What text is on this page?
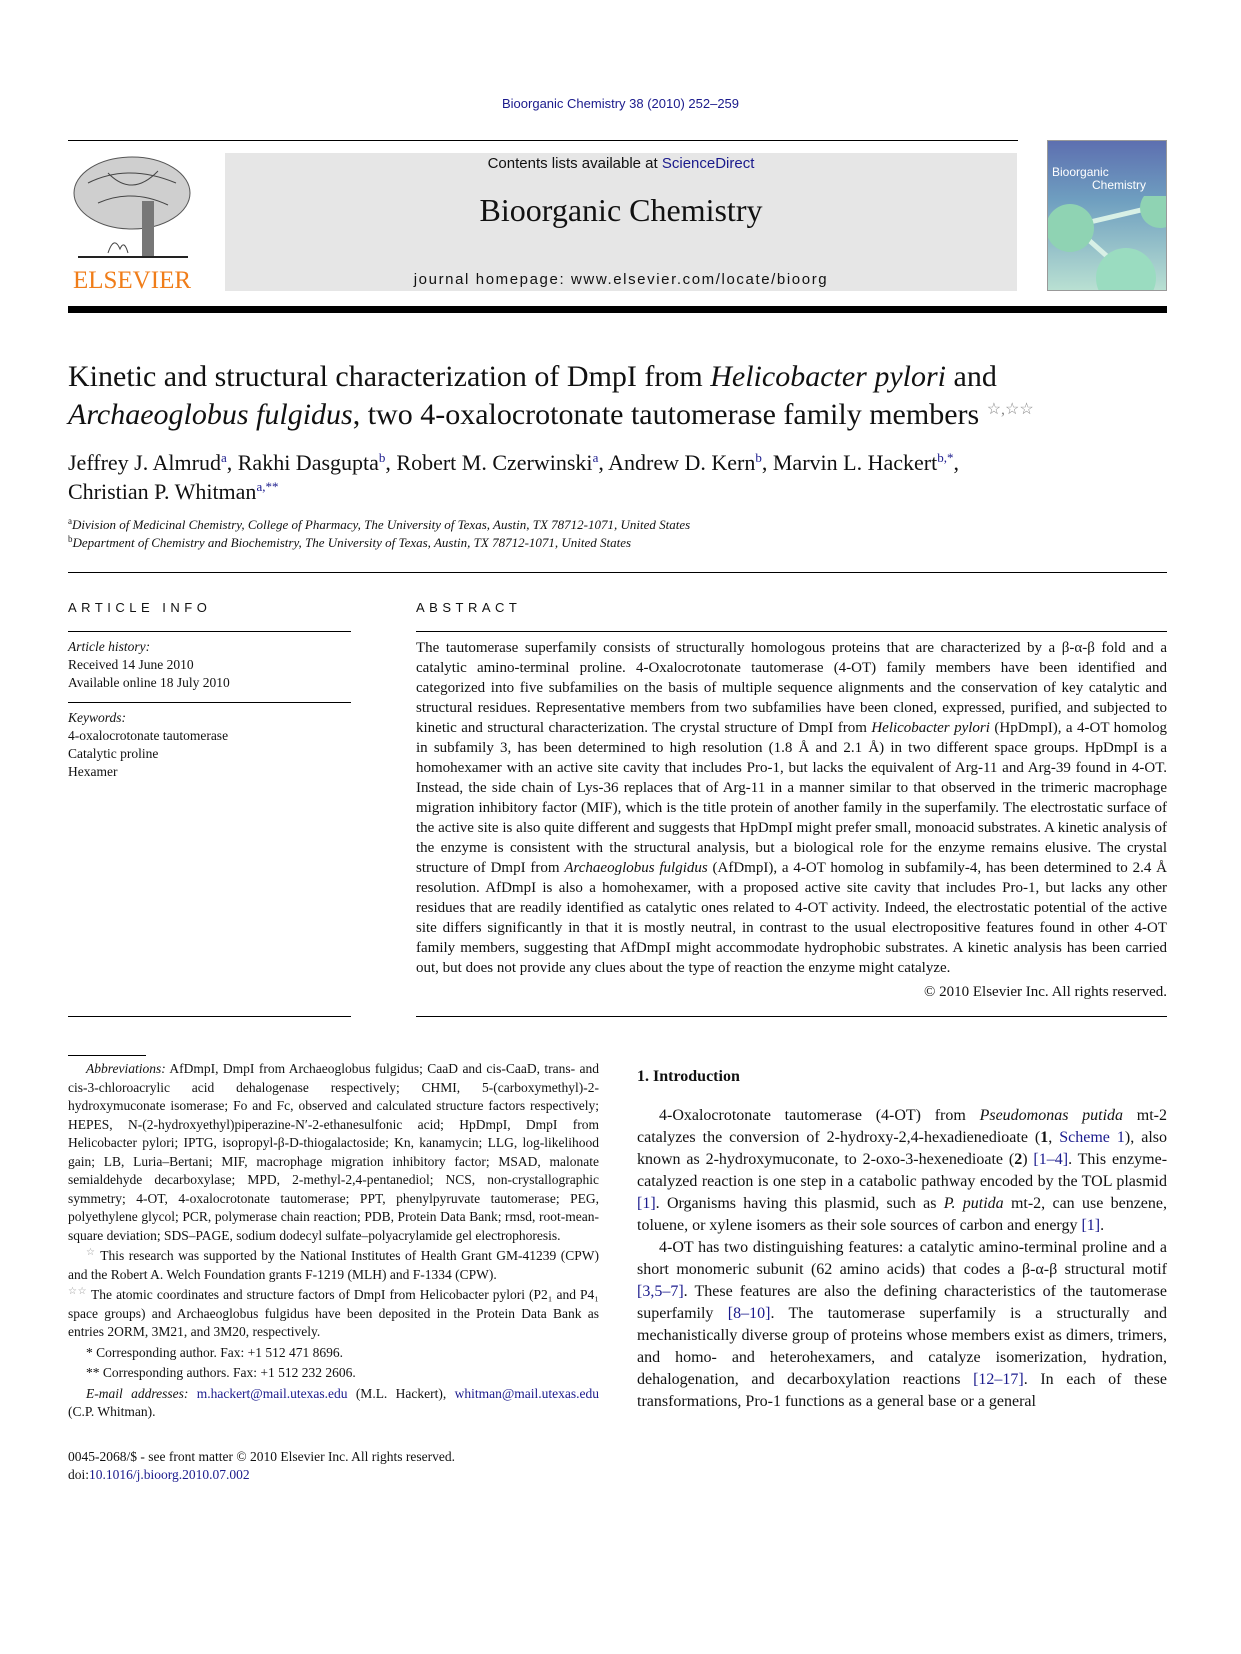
Bioorganic Chemistry 38 (2010) 252–259
ELSEVIER
Contents lists available at ScienceDirect
Bioorganic Chemistry
journal homepage: www.elsevier.com/locate/bioorg
Bioorganic
Chemistry
Kinetic and structural characterization of DmpI from Helicobacter pylori and
Archaeoglobus fulgidus, two 4-oxalocrotonate tautomerase family members ☆,☆☆
Jeffrey J. Almrud$^a$, Rakhi Dasgupta$^b$, Robert M. Czerwinski$^a$, Andrew D. Kern$^b$, Marvin L. Hackert$^{b,*}$,
Christian P. Whitman$^{a,**}$
$^a$Division of Medicinal Chemistry, College of Pharmacy, The University of Texas, Austin, TX 78712-1071, United States
$^b$Department of Chemistry and Biochemistry, The University of Texas, Austin, TX 78712-1071, United States
ARTICLE INFO
Article history:
Received 14 June 2010
Available online 18 July 2010
Keywords:
4-oxalocrotonate tautomerase
Catalytic proline
Hexamer
ABSTRACT
The tautomerase superfamily consists of structurally homologous proteins that are characterized by a β-α-β fold and a catalytic amino-terminal proline. 4-Oxalocrotonate tautomerase (4-OT) family members have been identified and categorized into five subfamilies on the basis of multiple sequence alignments and the conservation of key catalytic and structural residues. Representative members from two subfamilies have been cloned, expressed, purified, and subjected to kinetic and structural characterization. The crystal structure of DmpI from Helicobacter pylori (HpDmpI), a 4-OT homolog in subfamily 3, has been determined to high resolution (1.8 Å and 2.1 Å) in two different space groups. HpDmpI is a homohexamer with an active site cavity that includes Pro-1, but lacks the equivalent of Arg-11 and Arg-39 found in 4-OT. Instead, the side chain of Lys-36 replaces that of Arg-11 in a manner similar to that observed in the trimeric macrophage migration inhibitory factor (MIF), which is the title protein of another family in the superfamily. The electrostatic surface of the active site is also quite different and suggests that HpDmpI might prefer small, monoacid substrates. A kinetic analysis of the enzyme is consistent with the structural analysis, but a biological role for the enzyme remains elusive. The crystal structure of DmpI from Archaeoglobus fulgidus (AfDmpI), a 4-OT homolog in subfamily-4, has been determined to 2.4 Å resolution. AfDmpI is also a homohexamer, with a proposed active site cavity that includes Pro-1, but lacks any other residues that are readily identified as catalytic ones related to 4-OT activity. Indeed, the electrostatic potential of the active site differs significantly in that it is mostly neutral, in contrast to the usual electropositive features found in other 4-OT family members, suggesting that AfDmpI might accommodate hydrophobic substrates. A kinetic analysis has been carried out, but does not provide any clues about the type of reaction the enzyme might catalyze.
© 2010 Elsevier Inc. All rights reserved.

Abbreviations: AfDmpI, DmpI from Archaeoglobus fulgidus; CaaD and cis-CaaD, trans- and cis-3-chloroacrylic acid dehalogenase respectively; CHMI, 5-(carboxymethyl)-2-hydroxymuconate isomerase; Fo and Fc, observed and calculated structure factors respectively; HEPES, N-(2-hydroxyethyl)piperazine-N′-2-ethanesulfonic acid; HpDmpI, DmpI from Helicobacter pylori; IPTG, isopropyl-β-D-thiogalactoside; Kn, kanamycin; LLG, log-likelihood gain; LB, Luria–Bertani; MIF, macrophage migration inhibitory factor; MSAD, malonate semialdehyde decarboxylase; MPD, 2-methyl-2,4-pentanediol; NCS, non-crystallographic symmetry; 4-OT, 4-oxalocrotonate tautomerase; PPT, phenylpyruvate tautomerase; PEG, polyethylene glycol; PCR, polymerase chain reaction; PDB, Protein Data Bank; rmsd, root-mean-square deviation; SDS–PAGE, sodium dodecyl sulfate–polyacrylamide gel electrophoresis.

☆ This research was supported by the National Institutes of Health Grant GM-41239 (CPW) and the Robert A. Welch Foundation grants F-1219 (MLH) and F-1334 (CPW).

☆☆ The atomic coordinates and structure factors of DmpI from Helicobacter pylori (P2₁ and P4₁ space groups) and Archaeoglobus fulgidus have been deposited in the Protein Data Bank as entries 2ORM, 3M21, and 3M20, respectively.

* Corresponding author. Fax: +1 512 471 8696.

** Corresponding authors. Fax: +1 512 232 2606.

E-mail addresses: m.hackert@mail.utexas.edu (M.L. Hackert), whitman@mail.utexas.edu (C.P. Whitman).

0045-2068/$ - see front matter © 2010 Elsevier Inc. All rights reserved.
doi:10.1016/j.bioorg.2010.07.002
1. Introduction

4-Oxalocrotonate tautomerase (4-OT) from Pseudomonas putida mt-2 catalyzes the conversion of 2-hydroxy-2,4-hexadienedioate (1, Scheme 1), also known as 2-hydroxymuconate, to 2-oxo-3-hexenedioate (2) [1–4]. This enzyme-catalyzed reaction is one step in a catabolic pathway encoded by the TOL plasmid [1]. Organisms having this plasmid, such as P. putida mt-2, can use benzene, toluene, or xylene isomers as their sole sources of carbon and energy [1].

4-OT has two distinguishing features: a catalytic amino-terminal proline and a short monomeric subunit (62 amino acids) that codes a β-α-β structural motif [3,5–7]. These features are also the defining characteristics of the tautomerase superfamily [8–10]. The tautomerase superfamily is a structurally and mechanistically diverse group of proteins whose members exist as dimers, trimers, and homo- and heterohexamers, and catalyze isomerization, hydration, dehalogenation, and decarboxylation reactions [12–17]. In each of these transformations, Pro-1 functions as a general base or a general
